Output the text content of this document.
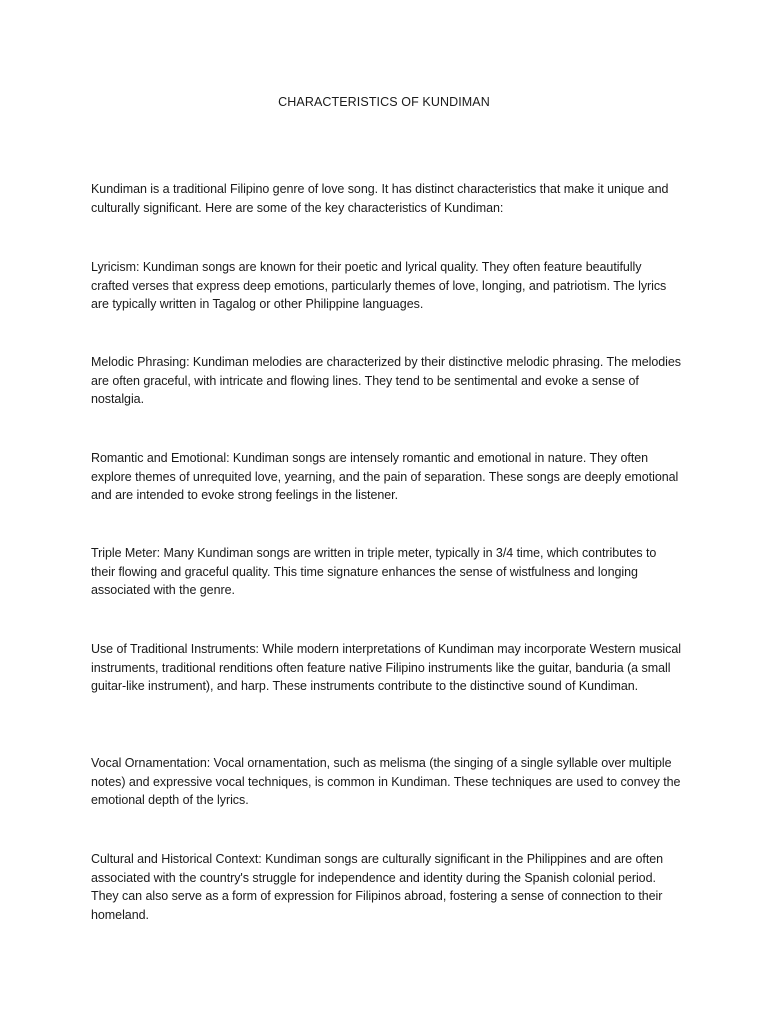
CHARACTERISTICS OF KUNDIMAN

Kundiman is a traditional Filipino genre of love song. It has distinct characteristics that make it unique and culturally significant. Here are some of the key characteristics of Kundiman:

Lyricism: Kundiman songs are known for their poetic and lyrical quality. They often feature beautifully crafted verses that express deep emotions, particularly themes of love, longing, and patriotism. The lyrics are typically written in Tagalog or other Philippine languages.

Melodic Phrasing: Kundiman melodies are characterized by their distinctive melodic phrasing. The melodies are often graceful, with intricate and flowing lines. They tend to be sentimental and evoke a sense of nostalgia.

Romantic and Emotional: Kundiman songs are intensely romantic and emotional in nature. They often explore themes of unrequited love, yearning, and the pain of separation. These songs are deeply emotional and are intended to evoke strong feelings in the listener.

Triple Meter: Many Kundiman songs are written in triple meter, typically in 3/4 time, which contributes to their flowing and graceful quality. This time signature enhances the sense of wistfulness and longing associated with the genre.

Use of Traditional Instruments: While modern interpretations of Kundiman may incorporate Western musical instruments, traditional renditions often feature native Filipino instruments like the guitar, banduria (a small guitar-like instrument), and harp. These instruments contribute to the distinctive sound of Kundiman.

Vocal Ornamentation: Vocal ornamentation, such as melisma (the singing of a single syllable over multiple notes) and expressive vocal techniques, is common in Kundiman. These techniques are used to convey the emotional depth of the lyrics.

Cultural and Historical Context: Kundiman songs are culturally significant in the Philippines and are often associated with the country's struggle for independence and identity during the Spanish colonial period. They can also serve as a form of expression for Filipinos abroad, fostering a sense of connection to their homeland.
